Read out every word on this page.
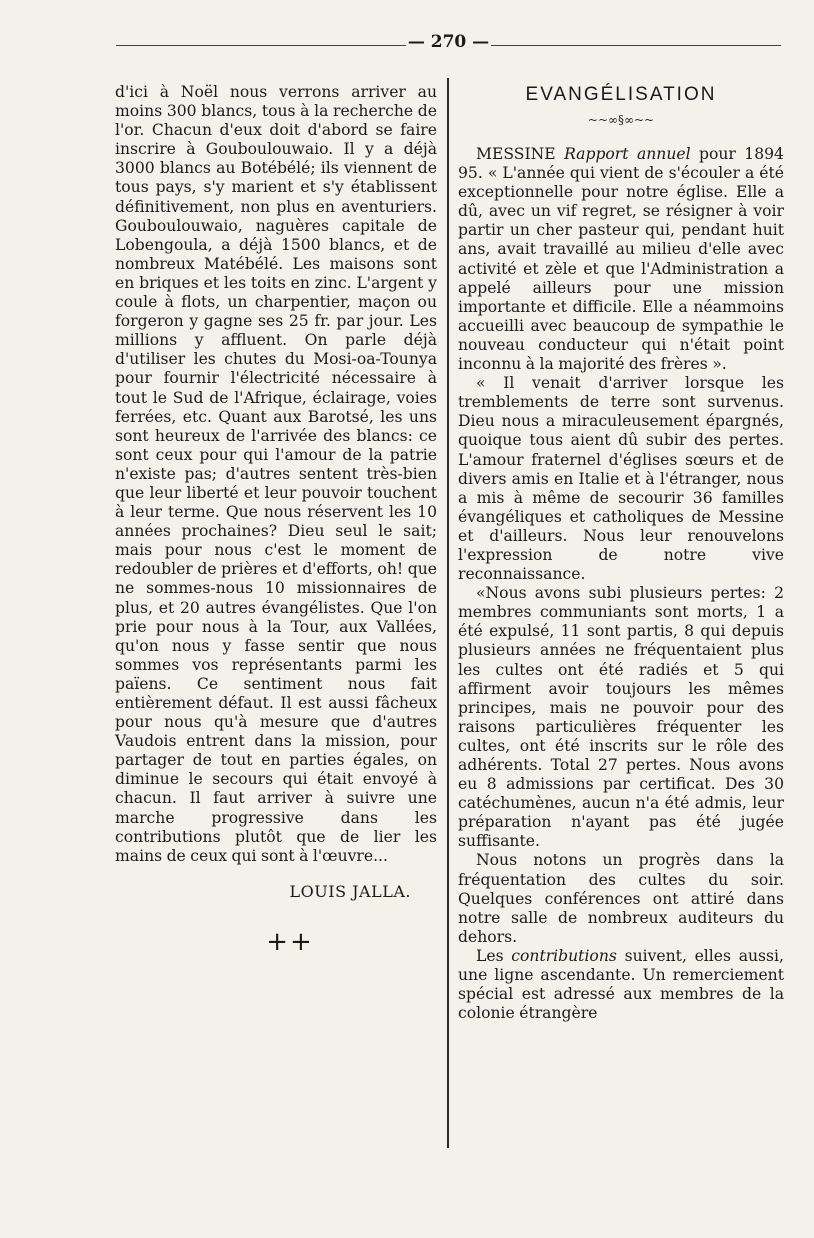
— 270 —

d'ici à Noël nous verrons arriver au moins 300 blancs, tous à la recherche de l'or. Chacun d'eux doit d'abord se faire inscrire à Gouboulouwaio. Il y a déjà 3000 blancs au Botébélé; ils viennent de tous pays, s'y marient et s'y établissent définitivement, non plus en aventuriers. Gouboulouwaio, naguères capitale de Lobengoula, a déjà 1500 blancs, et de nombreux Matébélé. Les maisons sont en briques et les toits en zinc. L'argent y coule à flots, un charpentier, maçon ou forgeron y gagne ses 25 fr. par jour. Les millions y affluent. On parle déjà d'utiliser les chutes du Mosi-oa-Tounya pour fournir l'électricité nécessaire à tout le Sud de l'Afrique, éclairage, voies ferrées, etc. Quant aux Barotsé, les uns sont heureux de l'arrivée des blancs: ce sont ceux pour qui l'amour de la patrie n'existe pas; d'autres sentent très-bien que leur liberté et leur pouvoir touchent à leur terme. Que nous réservent les 10 années prochaines? Dieu seul le sait; mais pour nous c'est le moment de redoubler de prières et d'efforts, oh! que ne sommes-nous 10 missionnaires de plus, et 20 autres évangélistes. Que l'on prie pour nous à la Tour, aux Vallées, qu'on nous y fasse sentir que nous sommes vos représentants parmi les païens. Ce sentiment nous fait entièrement défaut. Il est aussi fâcheux pour nous qu'à mesure que d'autres Vaudois entrent dans la mission, pour partager de tout en parties égales, on diminue le secours qui était envoyé à chacun. Il faut arriver à suivre une marche progressive dans les contributions plutôt que de lier les mains de ceux qui sont à l'œuvre...

LOUIS JALLA.
++
EVANGÉLISATION
~~∞§∞~~

MESSINE Rapport annuel pour 1894 95. « L'année qui vient de s'écouler a été exceptionnelle pour notre église. Elle a dû, avec un vif regret, se résigner à voir partir un cher pasteur qui, pendant huit ans, avait travaillé au milieu d'elle avec activité et zèle et que l'Administration a appelé ailleurs pour une mission importante et difficile. Elle a néammoins accueilli avec beaucoup de sympathie le nouveau conducteur qui n'était point inconnu à la majorité des frères ».

« Il venait d'arriver lorsque les tremblements de terre sont survenus. Dieu nous a miraculeusement épargnés, quoique tous aient dû subir des pertes. L'amour fraternel d'églises sœurs et de divers amis en Italie et à l'étranger, nous a mis à même de secourir 36 familles évangéliques et catholiques de Messine et d'ailleurs. Nous leur renouvelons l'expression de notre vive reconnaissance.

«Nous avons subi plusieurs pertes: 2 membres communiants sont morts, 1 a été expulsé, 11 sont partis, 8 qui depuis plusieurs années ne fréquentaient plus les cultes ont été radiés et 5 qui affirment avoir toujours les mêmes principes, mais ne pouvoir pour des raisons particulières fréquenter les cultes, ont été inscrits sur le rôle des adhérents. Total 27 pertes. Nous avons eu 8 admissions par certificat. Des 30 catéchumènes, aucun n'a été admis, leur préparation n'ayant pas été jugée suffisante.

Nous notons un progrès dans la fréquentation des cultes du soir. Quelques conférences ont attiré dans notre salle de nombreux auditeurs du dehors.

Les contributions suivent, elles aussi, une ligne ascendante. Un remerciement spécial est adressé aux membres de la colonie étrangère
